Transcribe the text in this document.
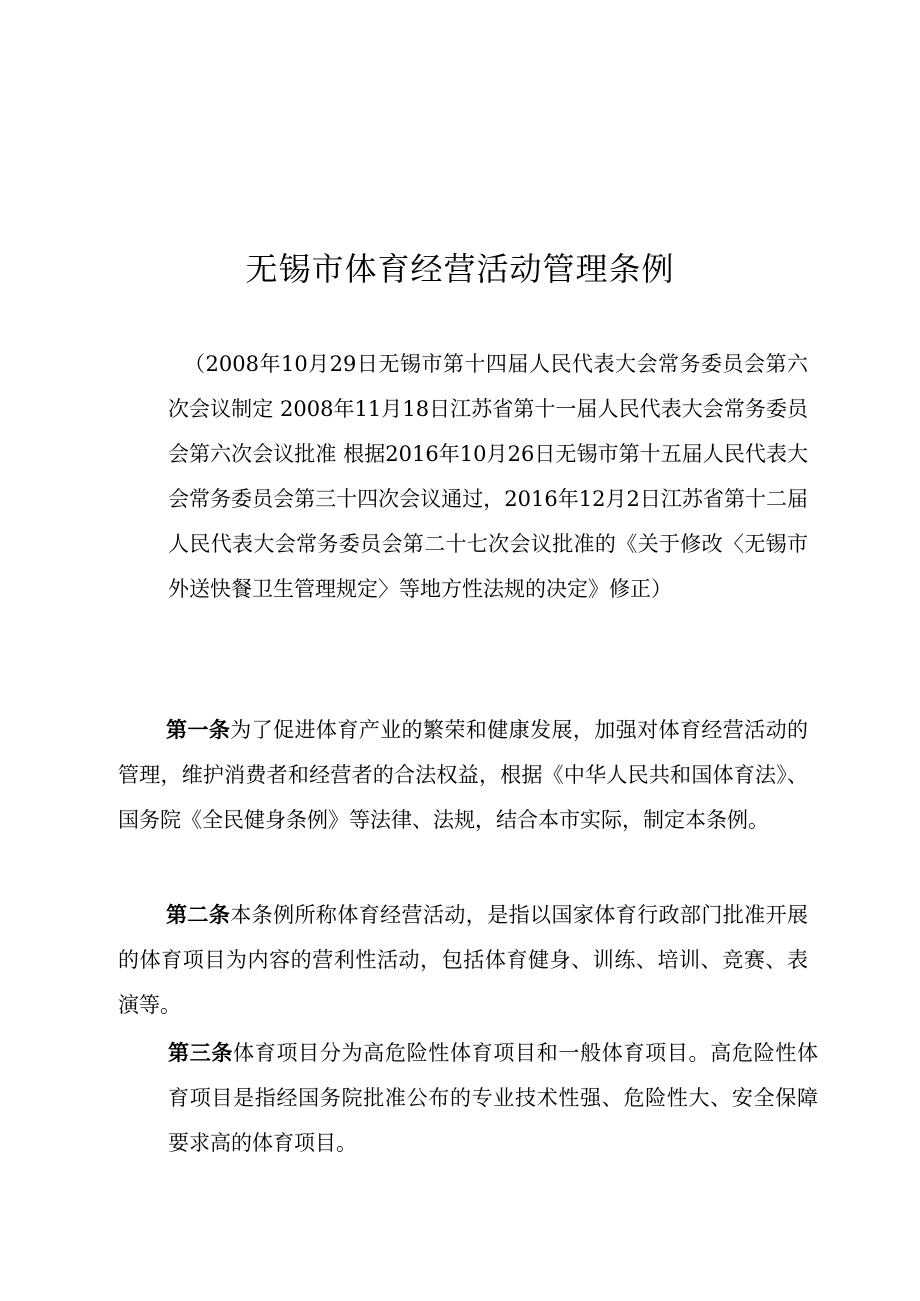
无锡市体育经营活动管理条例
（2008年10月29日无锡市第十四届人民代表大会常务委员会第六次会议制定 2008年11月18日江苏省第十一届人民代表大会常务委员会第六次会议批准 根据2016年10月26日无锡市第十五届人民代表大会常务委员会第三十四次会议通过，2016年12月2日江苏省第十二届人民代表大会常务委员会第二十七次会议批准的《关于修改〈无锡市外送快餐卫生管理规定〉等地方性法规的决定》修正）
第一条为了促进体育产业的繁荣和健康发展，加强对体育经营活动的管理，维护消费者和经营者的合法权益，根据《中华人民共和国体育法》、国务院《全民健身条例》等法律、法规，结合本市实际，制定本条例。
第二条本条例所称体育经营活动，是指以国家体育行政部门批准开展的体育项目为内容的营利性活动，包括体育健身、训练、培训、竞赛、表演等。
第三条体育项目分为高危险性体育项目和一般体育项目。高危险性体育项目是指经国务院批准公布的专业技术性强、危险性大、安全保障要求高的体育项目。
